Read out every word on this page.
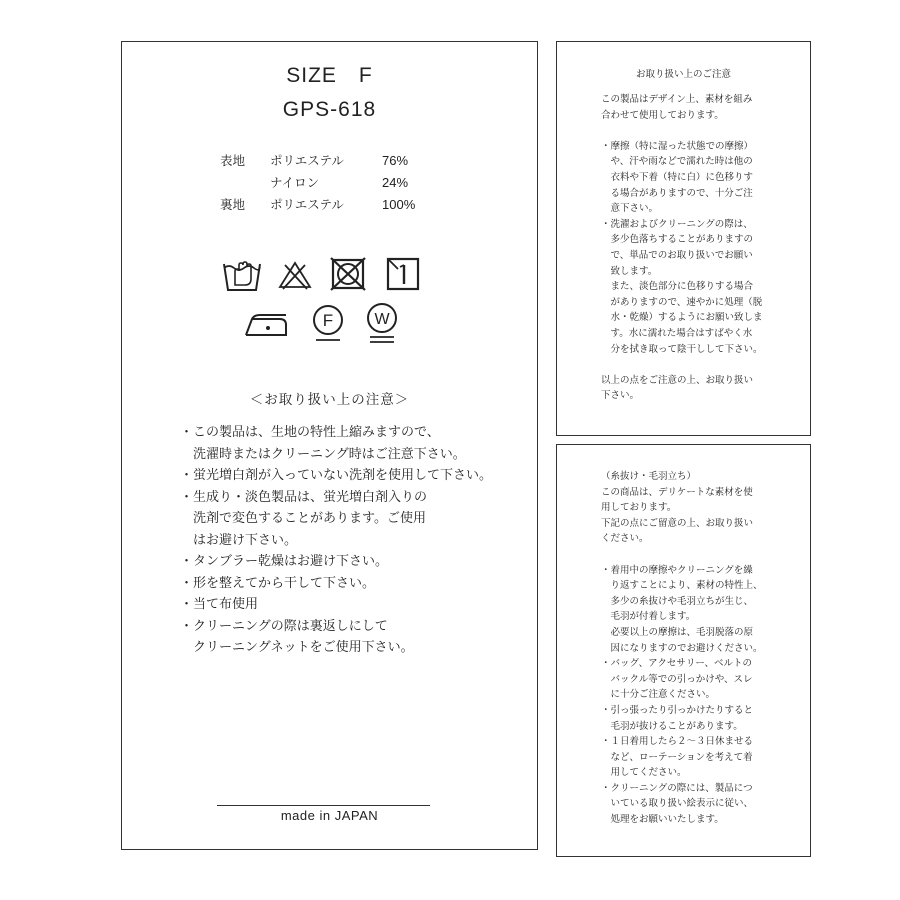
SIZE F
GPS-618
表地 ポリエステル	76%
ナイロン	24%
裏地 ポリエステル	100%
F	W
＜お取り扱い上の注意＞
・この製品は、生地の特性上縮みますので、
　洗濯時またはクリーニング時はご注意下さい。
・蛍光増白剤が入っていない洗剤を使用して下さい。
・生成り・淡色製品は、蛍光増白剤入りの
　洗剤で変色することがあります。ご使用
　はお避け下さい。
・タンブラー乾燥はお避け下さい。
・形を整えてから干して下さい。
・当て布使用
・クリーニングの際は裏返しにして
　クリーニングネットをご使用下さい。
made in JAPAN
お取り扱い上のご注意
この製品はデザイン上、素材を組み
合わせて使用しております。
・摩擦（特に湿った状態での摩擦）
　や、汗や雨などで濡れた時は他の
　衣料や下着（特に白）に色移りす
　る場合がありますので、十分ご注
　意下さい。
・洗濯およびクリーニングの際は、
　多少色落ちすることがありますの
　で、単品でのお取り扱いでお願い
　致します。
　また、淡色部分に色移りする場合
　がありますので、速やかに処理（脱
　水・乾燥）するようにお願い致しま
　す。水に濡れた場合はすばやく水
　分を拭き取って陰干しして下さい。
以上の点をご注意の上、お取り扱い
下さい。
（糸抜け・毛羽立ち）
この商品は、デリケートな素材を使
用しております。
下記の点にご留意の上、お取り扱い
ください。
・着用中の摩擦やクリーニングを繰
　り返すことにより、素材の特性上、
　多少の糸抜けや毛羽立ちが生じ、
　毛羽が付着します。
　必要以上の摩擦は、毛羽脱落の原
　因になりますのでお避けください。
・バッグ、アクセサリー、ベルトの
　バックル等での引っかけや、スレ
　に十分ご注意ください。
・引っ張ったり引っかけたりすると
　毛羽が抜けることがあります。
・１日着用したら２〜３日休ませる
　など、ローテーションを考えて着
　用してください。
・クリーニングの際には、製品につ
　いている取り扱い絵表示に従い、
　処理をお願いいたします。
